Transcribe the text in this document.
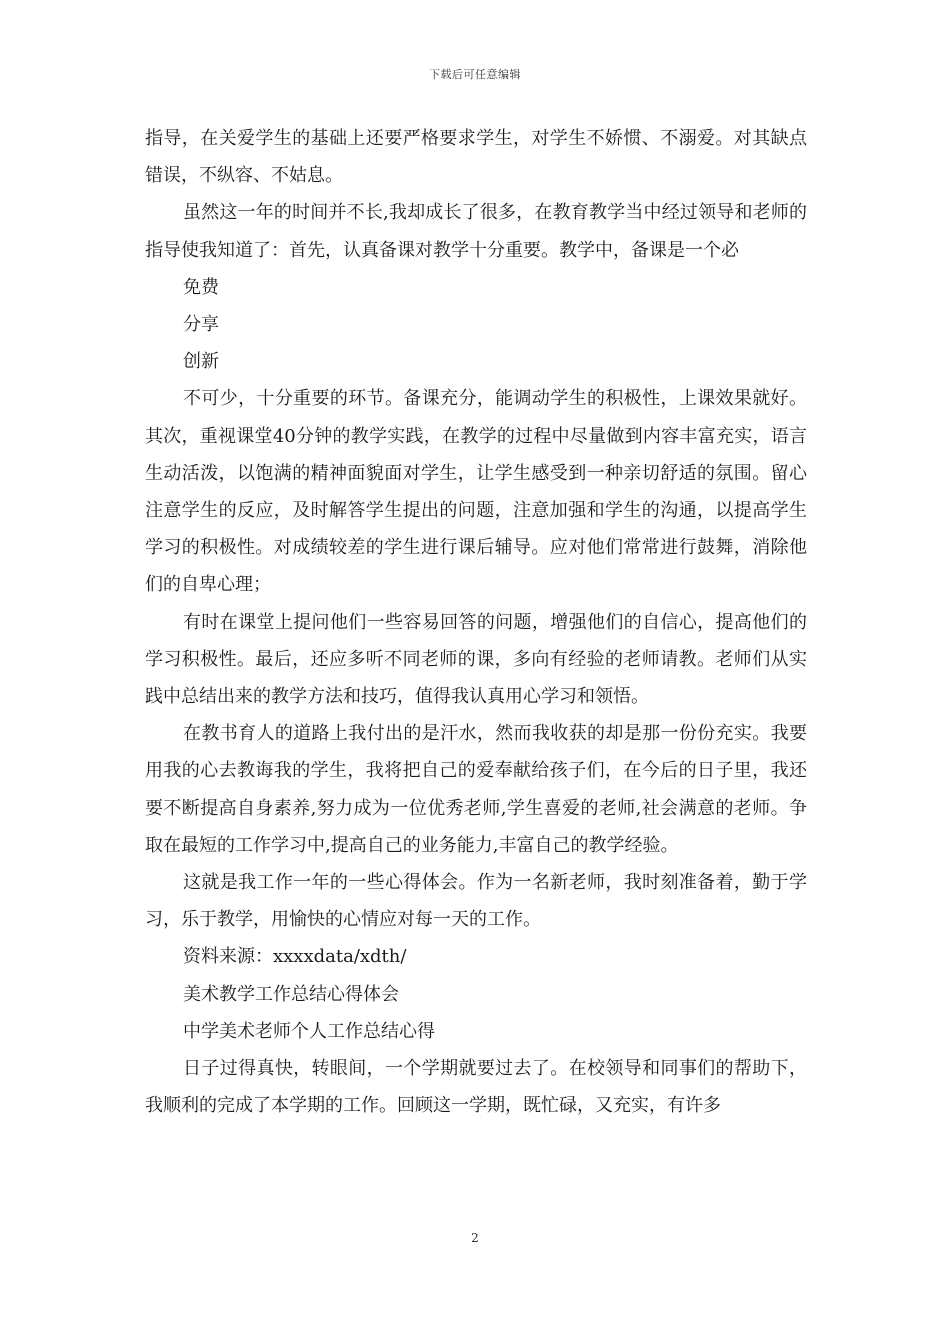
下载后可任意编辑

指导，在关爱学生的基础上还要严格要求学生，对学生不娇惯、不溺爱。对其缺点错误，不纵容、不姑息。

虽然这一年的时间并不长,我却成长了很多，在教育教学当中经过领导和老师的指导使我知道了：首先，认真备课对教学十分重要。教学中，备课是一个必

免费

分享

创新

不可少，十分重要的环节。备课充分，能调动学生的积极性，上课效果就好。其次，重视课堂40分钟的教学实践，在教学的过程中尽量做到内容丰富充实，语言生动活泼，以饱满的精神面貌面对学生，让学生感受到一种亲切舒适的氛围。留心注意学生的反应，及时解答学生提出的问题，注意加强和学生的沟通，以提高学生学习的积极性。对成绩较差的学生进行课后辅导。应对他们常常进行鼓舞，消除他们的自卑心理；

有时在课堂上提问他们一些容易回答的问题，增强他们的自信心，提高他们的学习积极性。最后，还应多听不同老师的课，多向有经验的老师请教。老师们从实践中总结出来的教学方法和技巧，值得我认真用心学习和领悟。

在教书育人的道路上我付出的是汗水，然而我收获的却是那一份份充实。我要用我的心去教诲我的学生，我将把自己的爱奉献给孩子们，在今后的日子里，我还要不断提高自身素养,努力成为一位优秀老师,学生喜爱的老师,社会满意的老师。争取在最短的工作学习中,提高自己的业务能力,丰富自己的教学经验。

这就是我工作一年的一些心得体会。作为一名新老师，我时刻准备着，勤于学习，乐于教学，用愉快的心情应对每一天的工作。

资料来源：xxxxdata/xdth/

美术教学工作总结心得体会

中学美术老师个人工作总结心得

日子过得真快，转眼间，一个学期就要过去了。在校领导和同事们的帮助下，我顺利的完成了本学期的工作。回顾这一学期，既忙碌，又充实，有许多

2
